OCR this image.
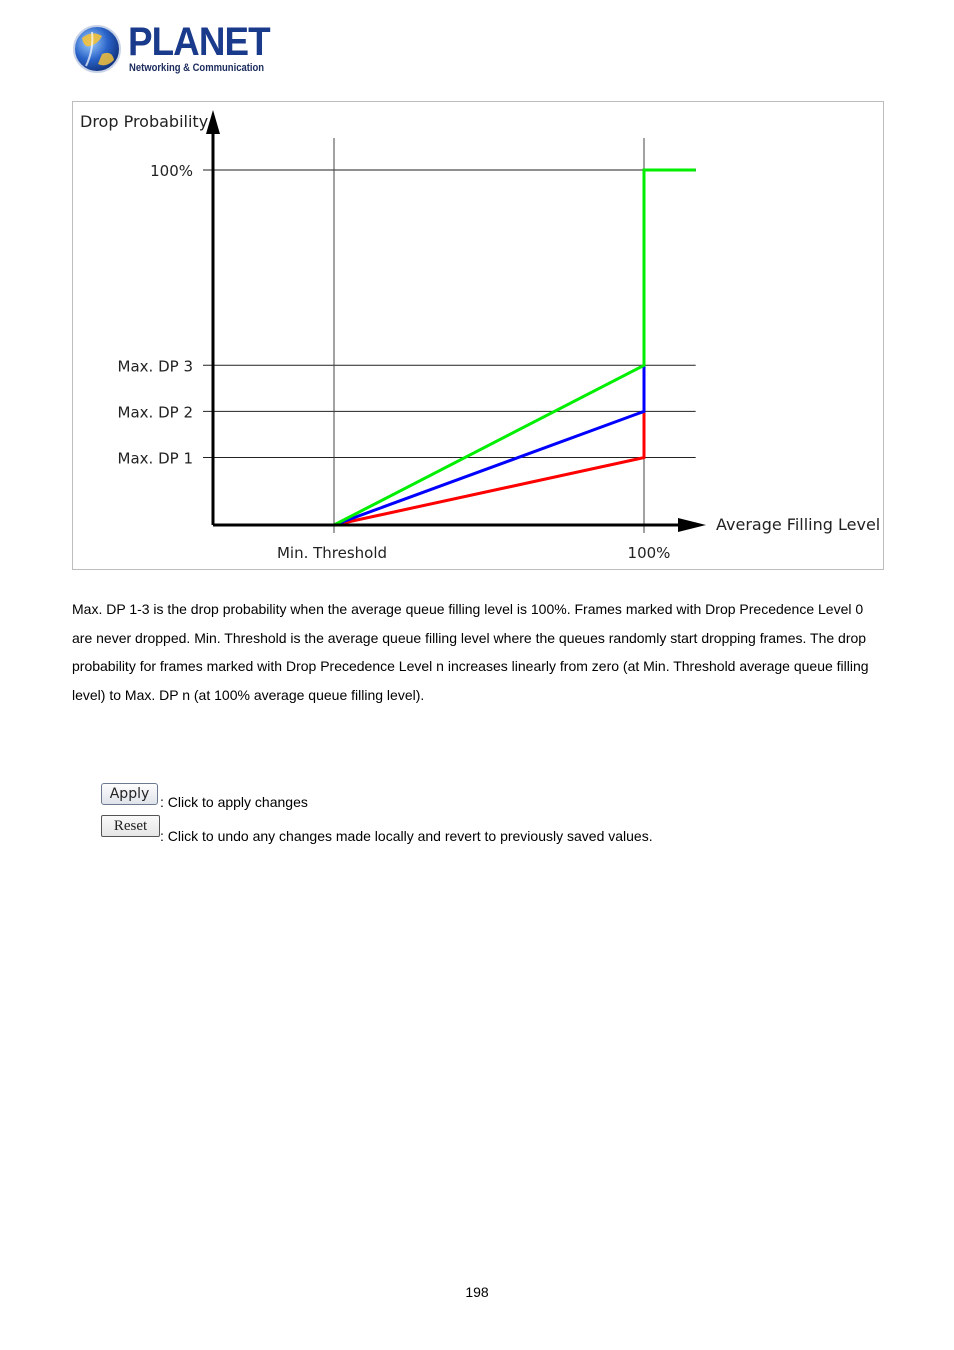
PLANET
Networking & Communication
Drop Probability
Average Filling Level
100%
Max. DP 3
Max. DP 2
Max. DP 1
Min. Threshold	100%

Max. DP 1-3 is the drop probability when the average queue filling level is 100%. Frames marked with Drop Precedence Level 0 are never dropped. Min. Threshold is the average queue filling level where the queues randomly start dropping frames. The drop probability for frames marked with Drop Precedence Level n increases linearly from zero (at Min. Threshold average queue filling level) to Max. DP n (at 100% average queue filling level).

Apply : Click to apply changes
Reset
: Click to undo any changes made locally and revert to previously saved values.
198
